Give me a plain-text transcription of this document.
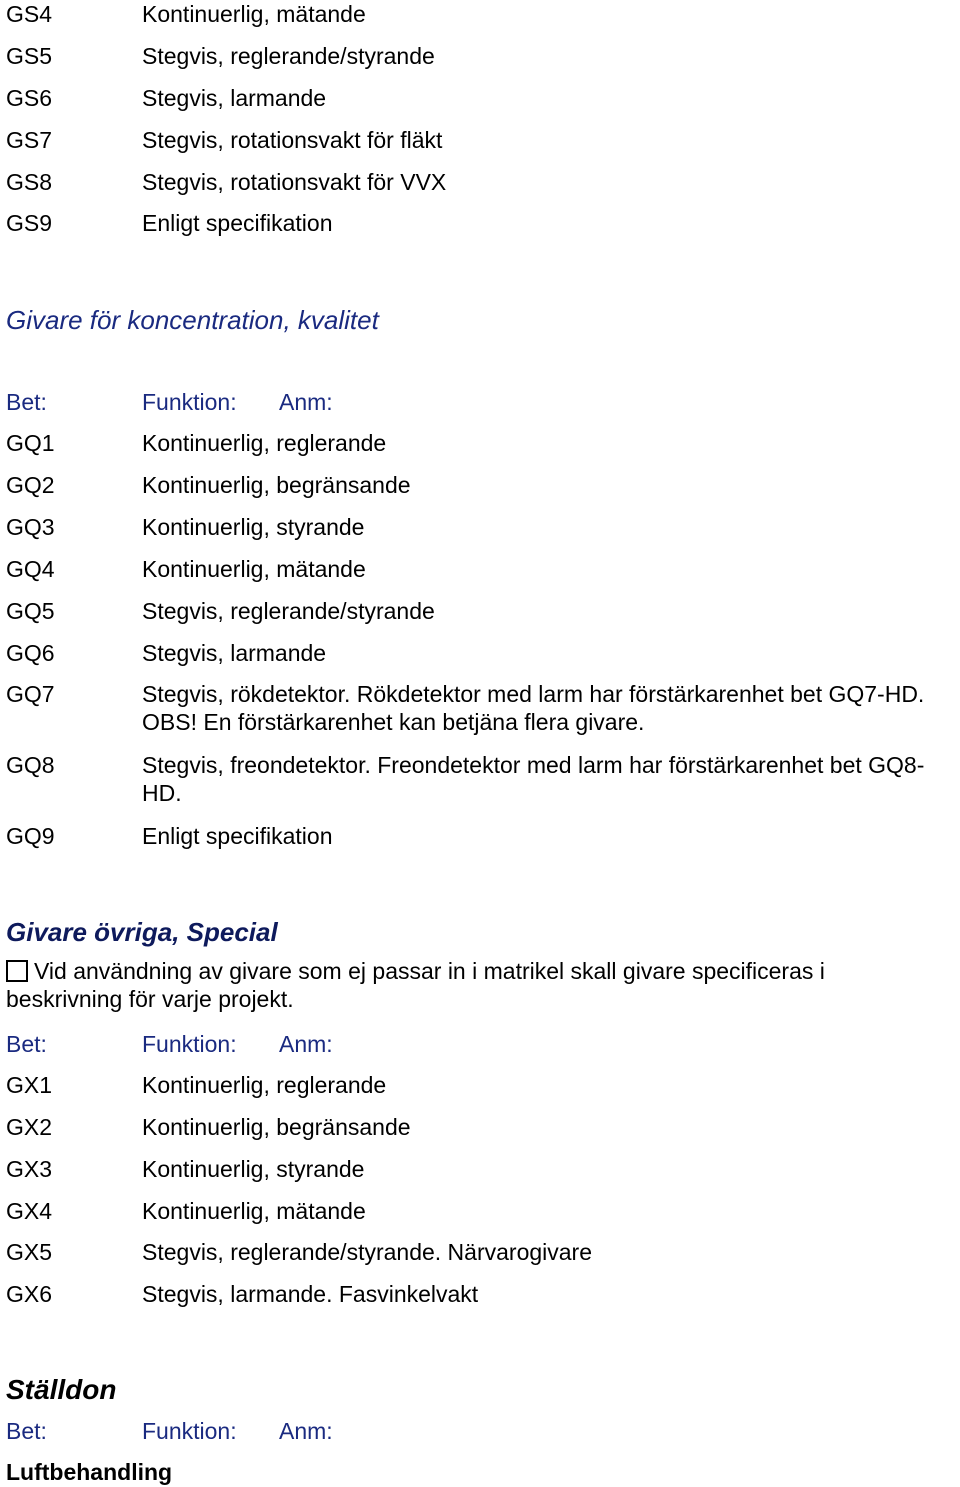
GS4	Kontinuerlig, mätande
GS5	Stegvis, reglerande/styrande
GS6	Stegvis, larmande
GS7	Stegvis, rotationsvakt för fläkt
GS8	Stegvis, rotationsvakt för VVX
GS9	Enligt specifikation
Givare för koncentration, kvalitet
Bet:	Funktion: Anm:
GQ1	Kontinuerlig, reglerande
GQ2	Kontinuerlig, begränsande
GQ3	Kontinuerlig, styrande
GQ4	Kontinuerlig, mätande
GQ5	Stegvis, reglerande/styrande
GQ6	Stegvis, larmande
GQ7	Stegvis, rökdetektor. Rökdetektor med larm har förstärkarenhet bet GQ7-HD. OBS! En förstärkarenhet kan betjäna flera givare.
GQ8	Stegvis, freondetektor. Freondetektor med larm har förstärkarenhet bet GQ8-HD.
GQ9	Enligt specifikation
Givare övriga, Special
Vid användning av givare som ej passar in i matrikel skall givare specificeras i beskrivning för varje projekt.
Bet:	Funktion: Anm:
GX1	Kontinuerlig, reglerande
GX2	Kontinuerlig, begränsande
GX3	Kontinuerlig, styrande
GX4	Kontinuerlig, mätande
GX5	Stegvis, reglerande/styrande. Närvarogivare
GX6	Stegvis, larmande. Fasvinkelvakt
Ställdon
Bet:	Funktion: Anm:
Luftbehandling
